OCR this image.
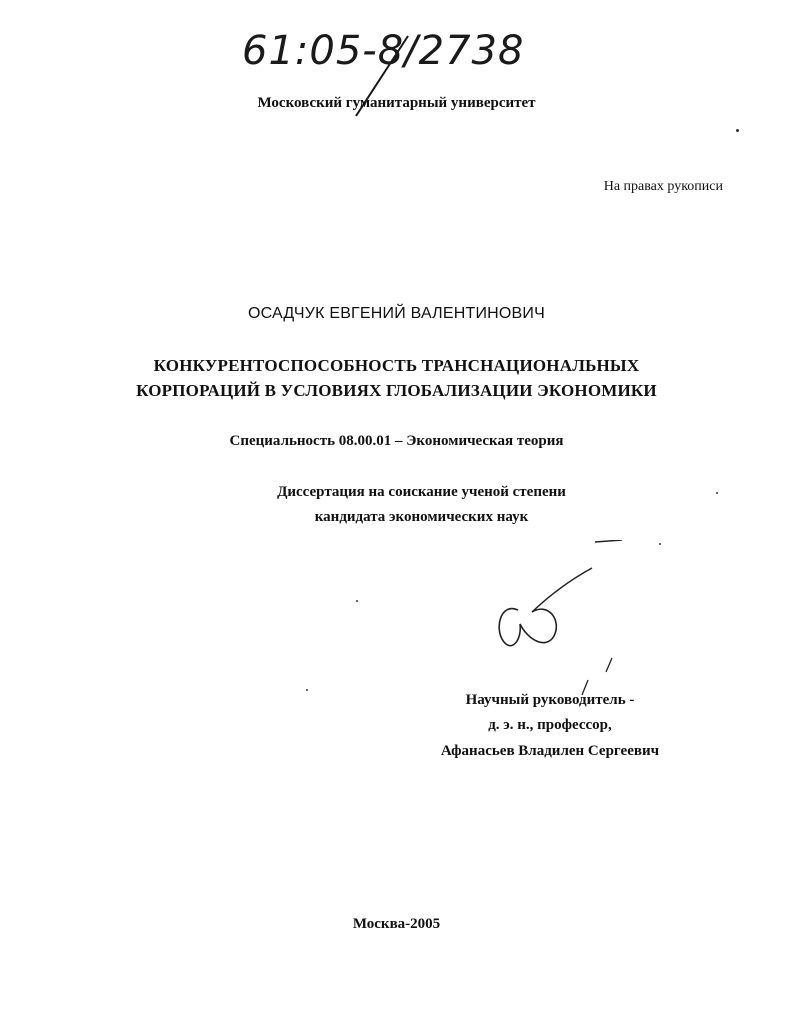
61:05-8/2738
Московский гуманитарный университет
На правах рукописи
ОСАДЧУК ЕВГЕНИЙ ВАЛЕНТИНОВИЧ
КОНКУРЕНТОСПОСОБНОСТЬ ТРАНСНАЦИОНАЛЬНЫХ
КОРПОРАЦИЙ В УСЛОВИЯХ ГЛОБАЛИЗАЦИИ ЭКОНОМИКИ
Специальность 08.00.01 – Экономическая теория
Диссертация на соискание ученой степени
кандидата экономических наук
Научный руководитель -
д. э. н., профессор,
Афанасьев Владилен Сергеевич
Москва-2005
